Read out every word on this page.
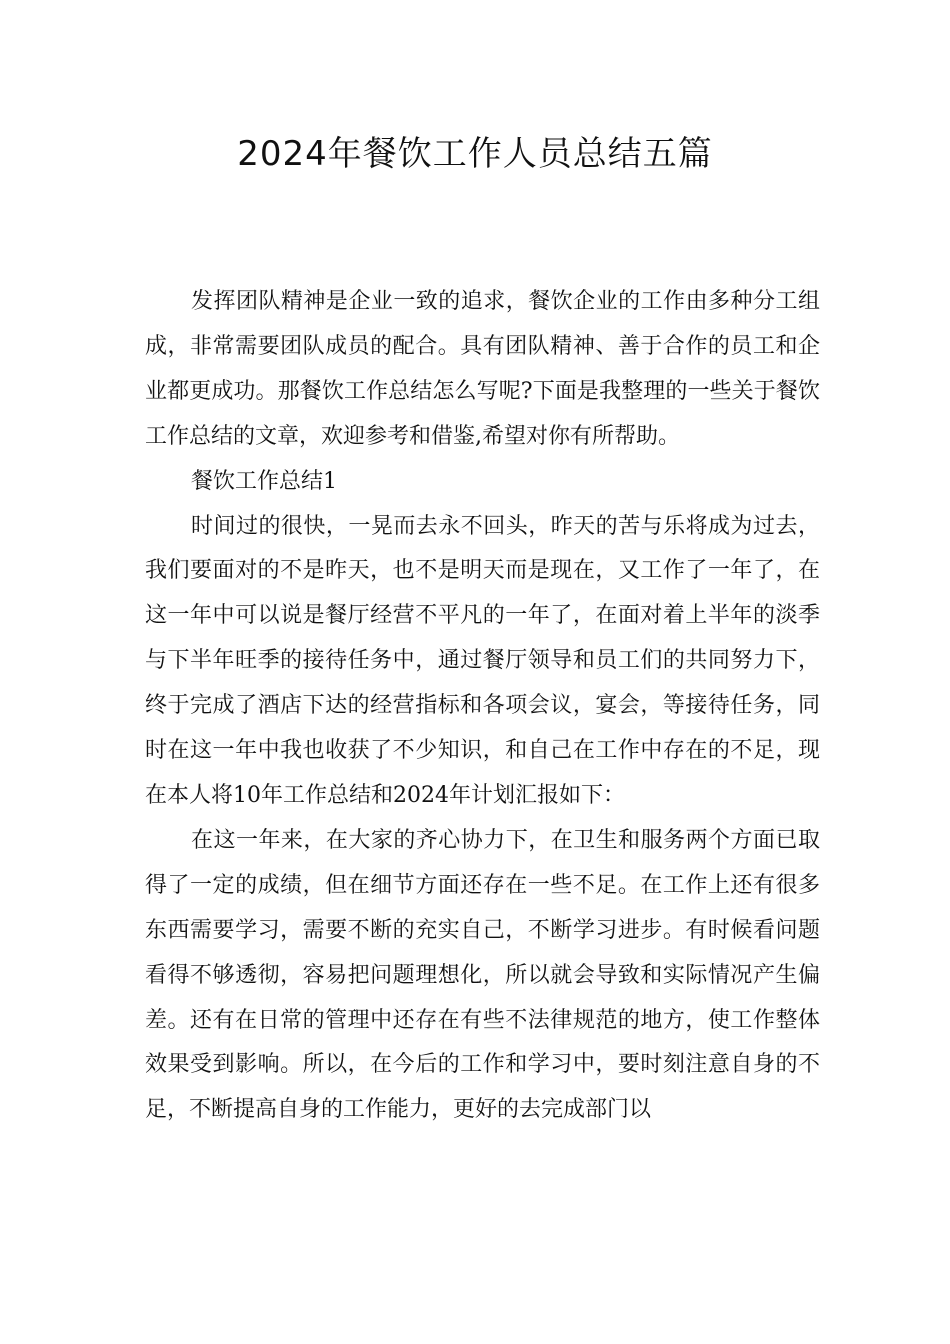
2024年餐饮工作人员总结五篇

发挥团队精神是企业一致的追求，餐饮企业的工作由多种分工组成，非常需要团队成员的配合。具有团队精神、善于合作的员工和企业都更成功。那餐饮工作总结怎么写呢?下面是我整理的一些关于餐饮工作总结的文章，欢迎参考和借鉴,希望对你有所帮助。

餐饮工作总结1

时间过的很快，一晃而去永不回头，昨天的苦与乐将成为过去，我们要面对的不是昨天，也不是明天而是现在，又工作了一年了，在这一年中可以说是餐厅经营不平凡的一年了，在面对着上半年的淡季与下半年旺季的接待任务中，通过餐厅领导和员工们的共同努力下，终于完成了酒店下达的经营指标和各项会议，宴会，等接待任务，同时在这一年中我也收获了不少知识，和自己在工作中存在的不足，现在本人将10年工作总结和2024年计划汇报如下：

在这一年来，在大家的齐心协力下，在卫生和服务两个方面已取得了一定的成绩，但在细节方面还存在一些不足。在工作上还有很多东西需要学习，需要不断的充实自己，不断学习进步。有时候看问题看得不够透彻，容易把问题理想化，所以就会导致和实际情况产生偏差。还有在日常的管理中还存在有些不法律规范的地方，使工作整体效果受到影响。所以，在今后的工作和学习中，要时刻注意自身的不足，不断提高自身的工作能力，更好的去完成部门以
